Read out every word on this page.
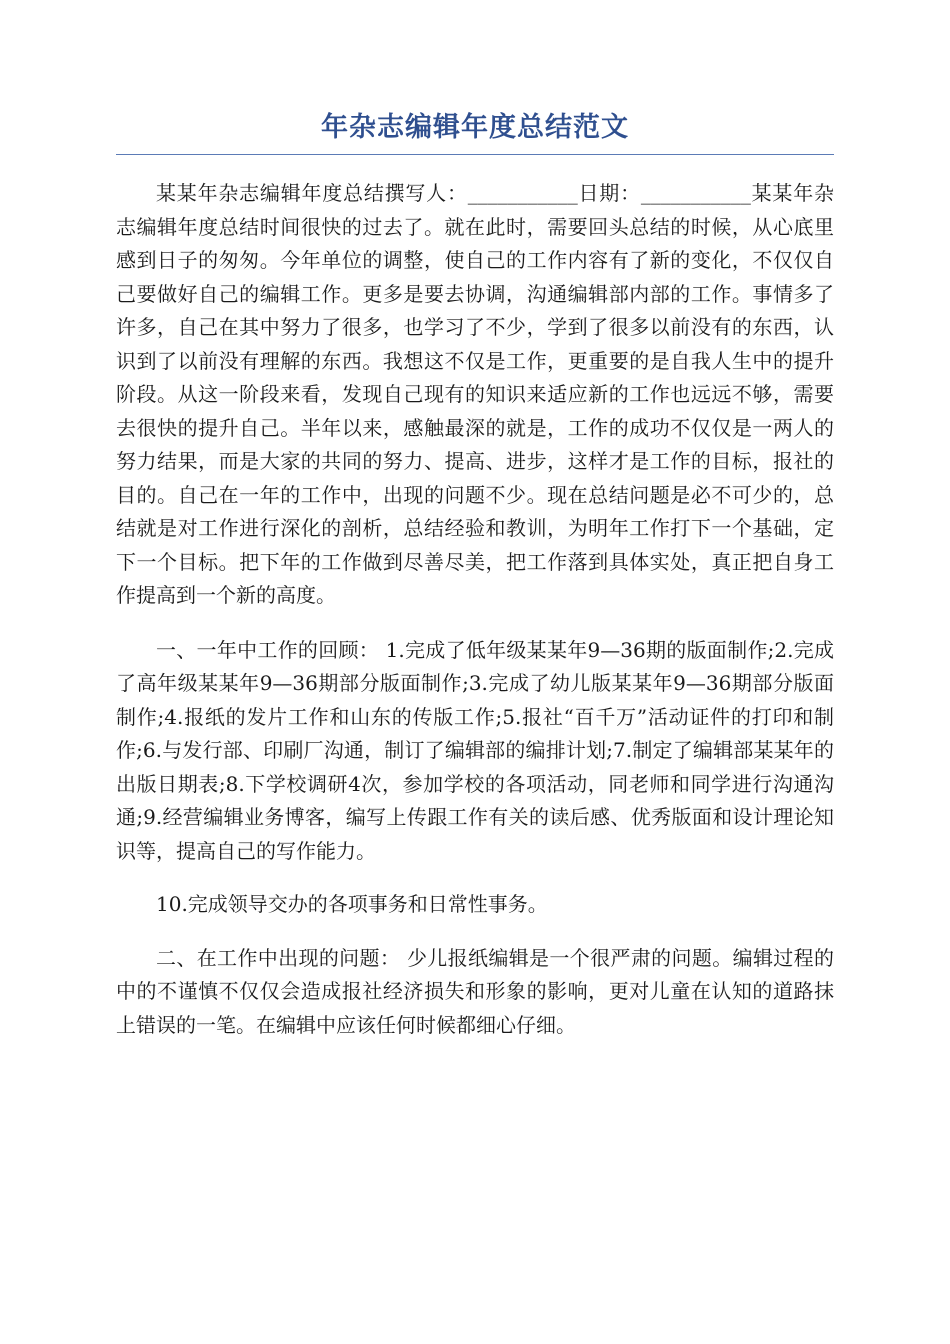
年杂志编辑年度总结范文

某某年杂志编辑年度总结撰写人：___________日期：___________某某年杂志编辑年度总结时间很快的过去了。就在此时，需要回头总结的时候，从心底里感到日子的匆匆。今年单位的调整，使自己的工作内容有了新的变化，不仅仅自己要做好自己的编辑工作。更多是要去协调，沟通编辑部内部的工作。事情多了许多，自己在其中努力了很多，也学习了不少，学到了很多以前没有的东西，认识到了以前没有理解的东西。我想这不仅是工作，更重要的是自我人生中的提升阶段。从这一阶段来看，发现自己现有的知识来适应新的工作也远远不够，需要去很快的提升自己。半年以来，感触最深的就是，工作的成功不仅仅是一两人的努力结果，而是大家的共同的努力、提高、进步，这样才是工作的目标，报社的目的。自己在一年的工作中，出现的问题不少。现在总结问题是必不可少的，总结就是对工作进行深化的剖析，总结经验和教训，为明年工作打下一个基础，定下一个目标。把下年的工作做到尽善尽美，把工作落到具体实处，真正把自身工作提高到一个新的高度。

一、一年中工作的回顾： 1.完成了低年级某某年9—36期的版面制作;2.完成了高年级某某年9—36期部分版面制作;3.完成了幼儿版某某年9—36期部分版面制作;4.报纸的发片工作和山东的传版工作;5.报社“百千万”活动证件的打印和制作;6.与发行部、印刷厂沟通，制订了编辑部的编排计划;7.制定了编辑部某某年的出版日期表;8.下学校调研4次，参加学校的各项活动，同老师和同学进行沟通沟通;9.经营编辑业务博客，编写上传跟工作有关的读后感、优秀版面和设计理论知识等，提高自己的写作能力。

10.完成领导交办的各项事务和日常性事务。

二、在工作中出现的问题： 少儿报纸编辑是一个很严肃的问题。编辑过程的中的不谨慎不仅仅会造成报社经济损失和形象的影响，更对儿童在认知的道路抹上错误的一笔。在编辑中应该任何时候都细心仔细。
